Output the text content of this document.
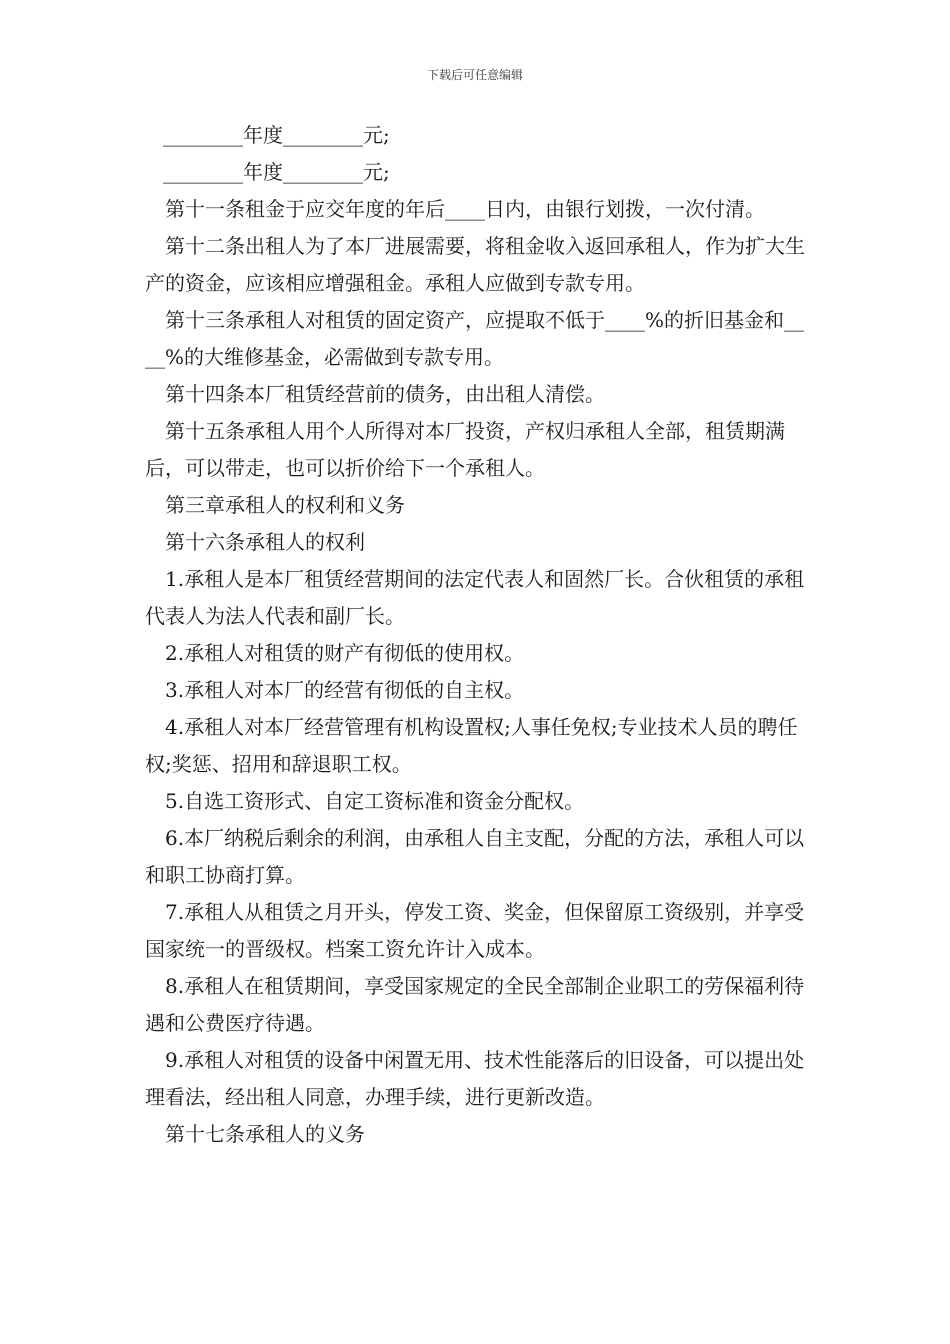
下载后可任意编辑

________年度________元;

________年度________元;

第十一条租金于应交年度的年后____日内，由银行划拨，一次付清。

第十二条出租人为了本厂进展需要，将租金收入返回承租人，作为扩大生产的资金，应该相应增强租金。承租人应做到专款专用。

第十三条承租人对租赁的固定资产，应提取不低于____%的折旧基金和____%的大维修基金，必需做到专款专用。

第十四条本厂租赁经营前的债务，由出租人清偿。

第十五条承租人用个人所得对本厂投资，产权归承租人全部，租赁期满后，可以带走，也可以折价给下一个承租人。

第三章承租人的权利和义务

第十六条承租人的权利

1.承租人是本厂租赁经营期间的法定代表人和固然厂长。合伙租赁的承租代表人为法人代表和副厂长。

2.承租人对租赁的财产有彻低的使用权。

3.承租人对本厂的经营有彻低的自主权。

4.承租人对本厂经营管理有机构设置权;人事任免权;专业技术人员的聘任权;奖惩、招用和辞退职工权。

5.自选工资形式、自定工资标准和资金分配权。

6.本厂纳税后剩余的利润，由承租人自主支配，分配的方法，承租人可以和职工协商打算。

7.承租人从租赁之月开头，停发工资、奖金，但保留原工资级别，并享受国家统一的晋级权。档案工资允许计入成本。

8.承租人在租赁期间，享受国家规定的全民全部制企业职工的劳保福利待遇和公费医疗待遇。

9.承租人对租赁的设备中闲置无用、技术性能落后的旧设备，可以提出处理看法，经出租人同意，办理手续，进行更新改造。

第十七条承租人的义务
